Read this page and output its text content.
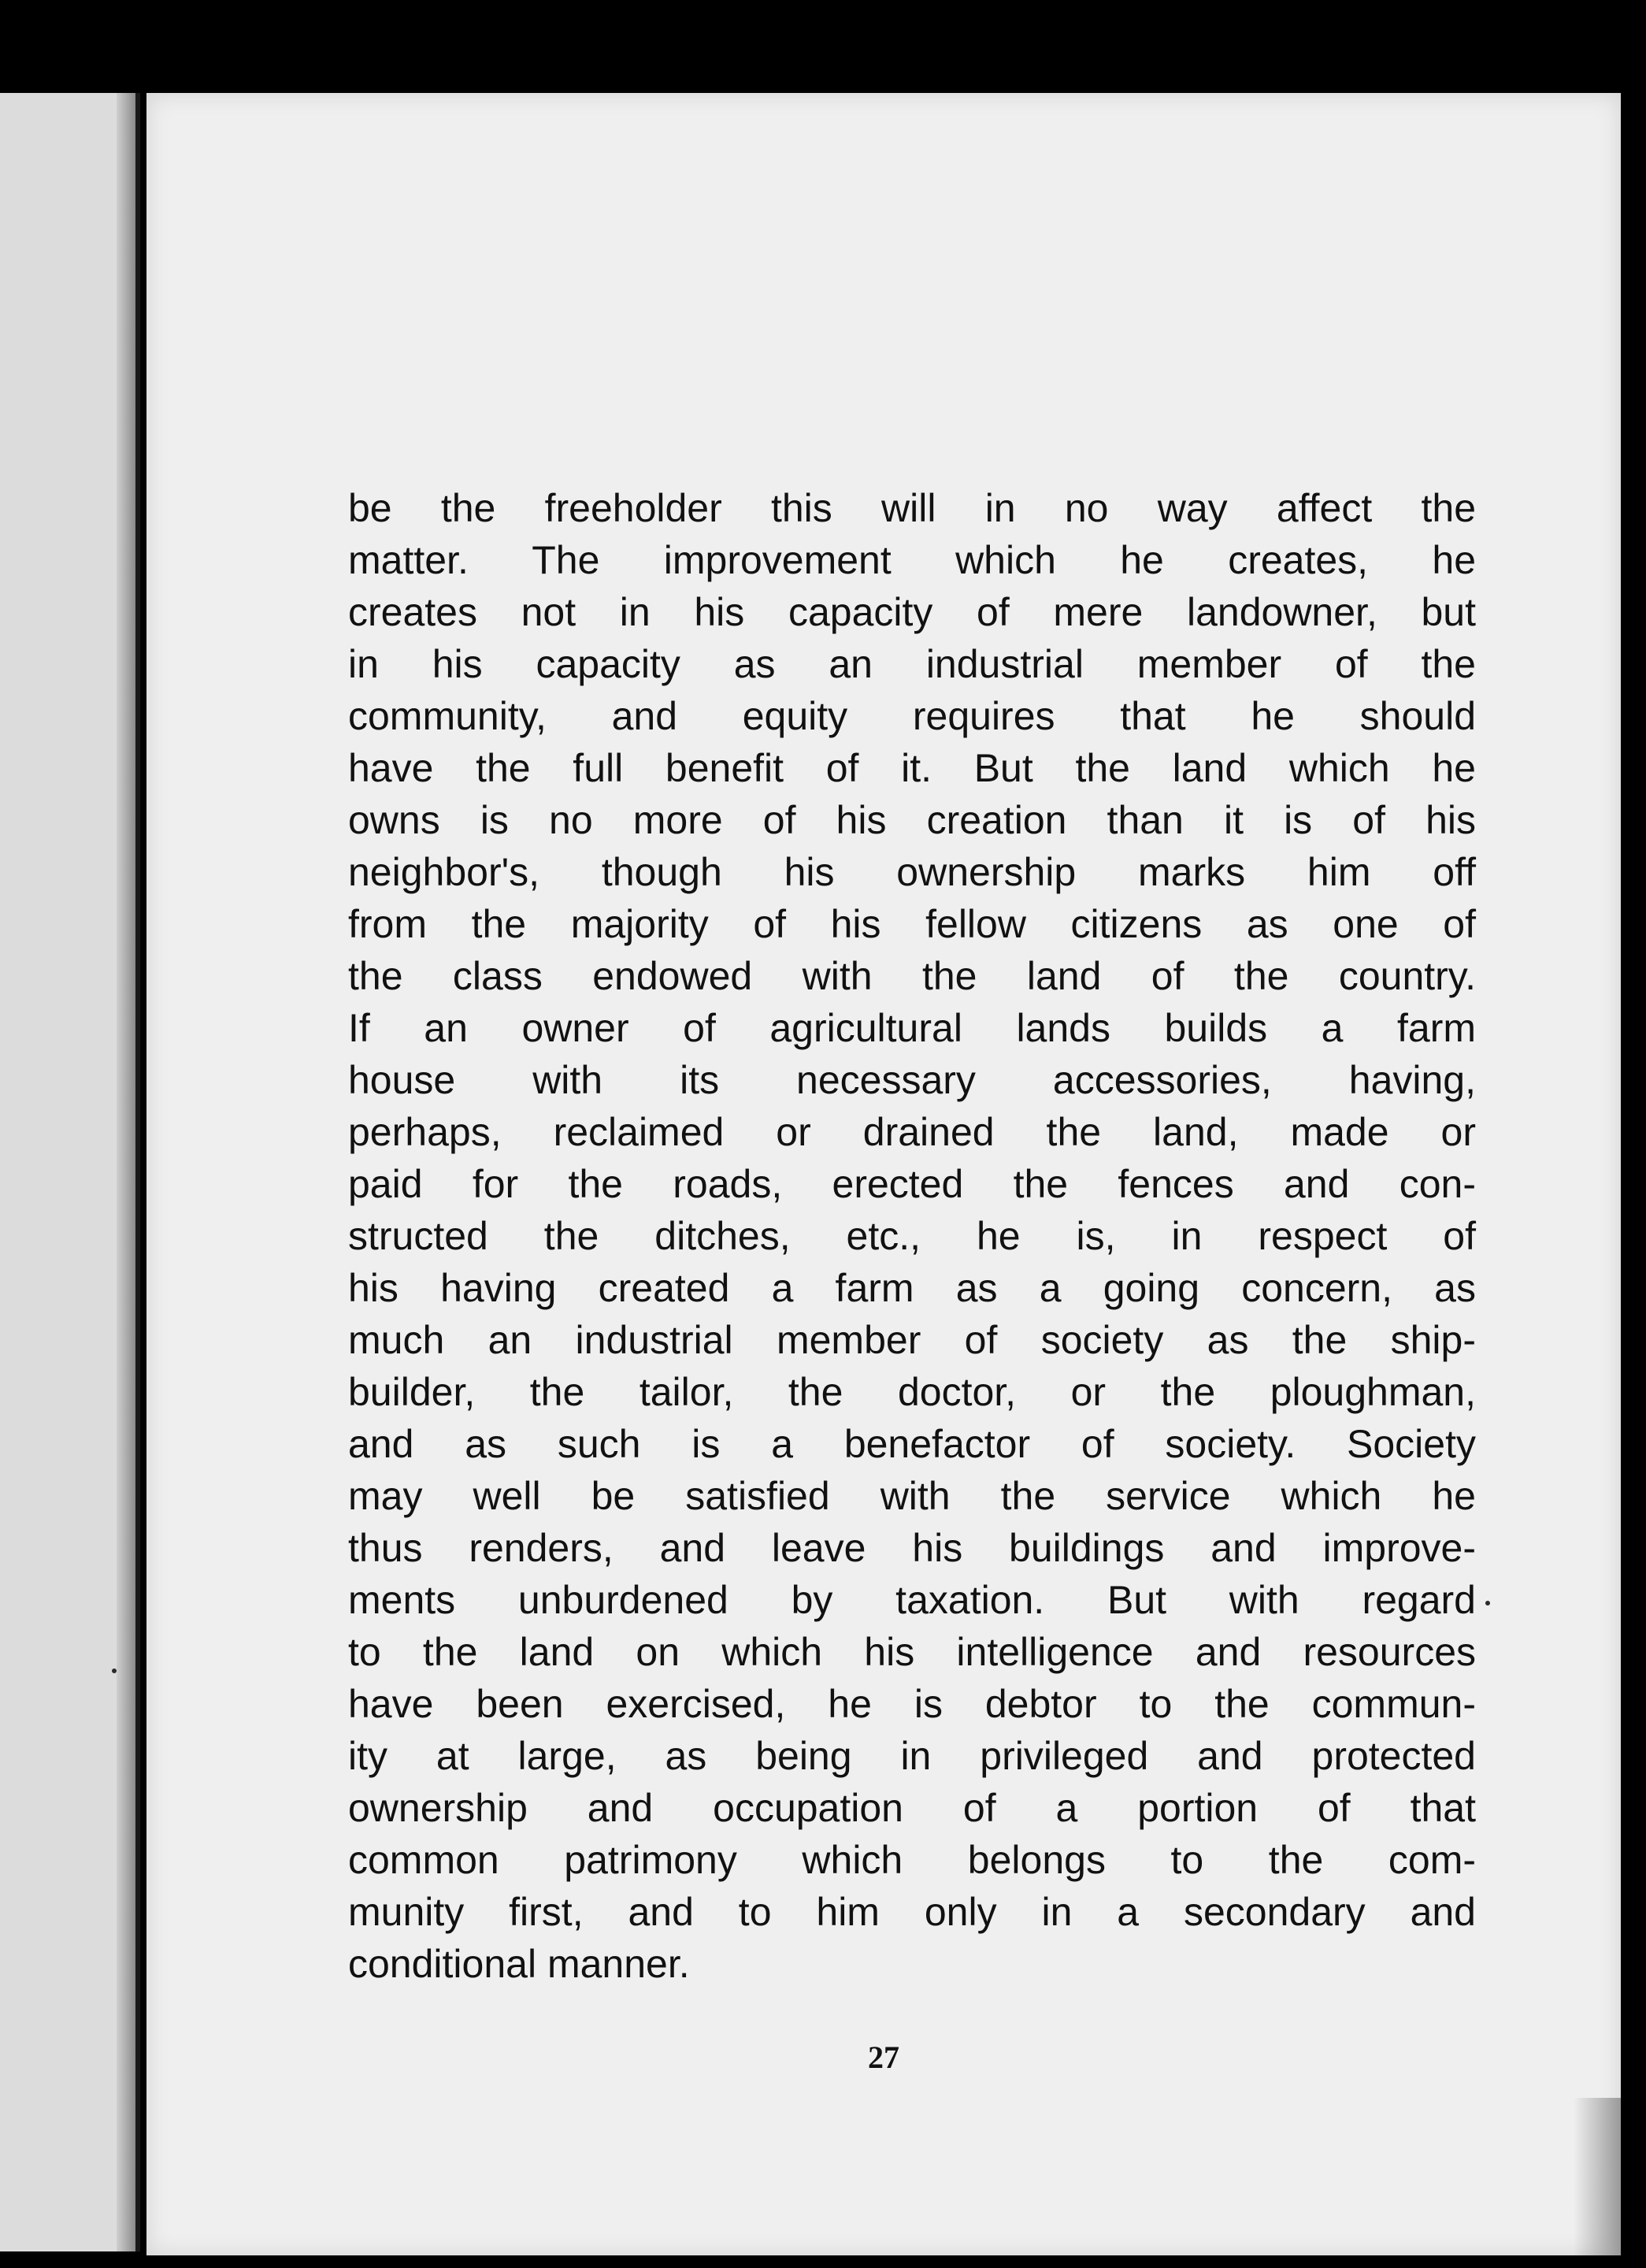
be the freeholder this will in no way affect the
matter. The improvement which he creates, he
creates not in his capacity of mere landowner, but
in his capacity as an industrial member of the
community, and equity requires that he should
have the full benefit of it. But the land which he
owns is no more of his creation than it is of his
neighbor's, though his ownership marks him off
from the majority of his fellow citizens as one of
the class endowed with the land of the country.
If an owner of agricultural lands builds a farm
house with its necessary accessories, having,
perhaps, reclaimed or drained the land, made or
paid for the roads, erected the fences and con-
structed the ditches, etc., he is, in respect of
his having created a farm as a going concern, as
much an industrial member of society as the ship-
builder, the tailor, the doctor, or the ploughman,
and as such is a benefactor of society. Society
may well be satisfied with the service which he
thus renders, and leave his buildings and improve-
ments unburdened by taxation. But with regard
to the land on which his intelligence and resources
have been exercised, he is debtor to the commun-
ity at large, as being in privileged and protected
ownership and occupation of a portion of that
common patrimony which belongs to the com-
munity first, and to him only in a secondary and
conditional manner.
27
